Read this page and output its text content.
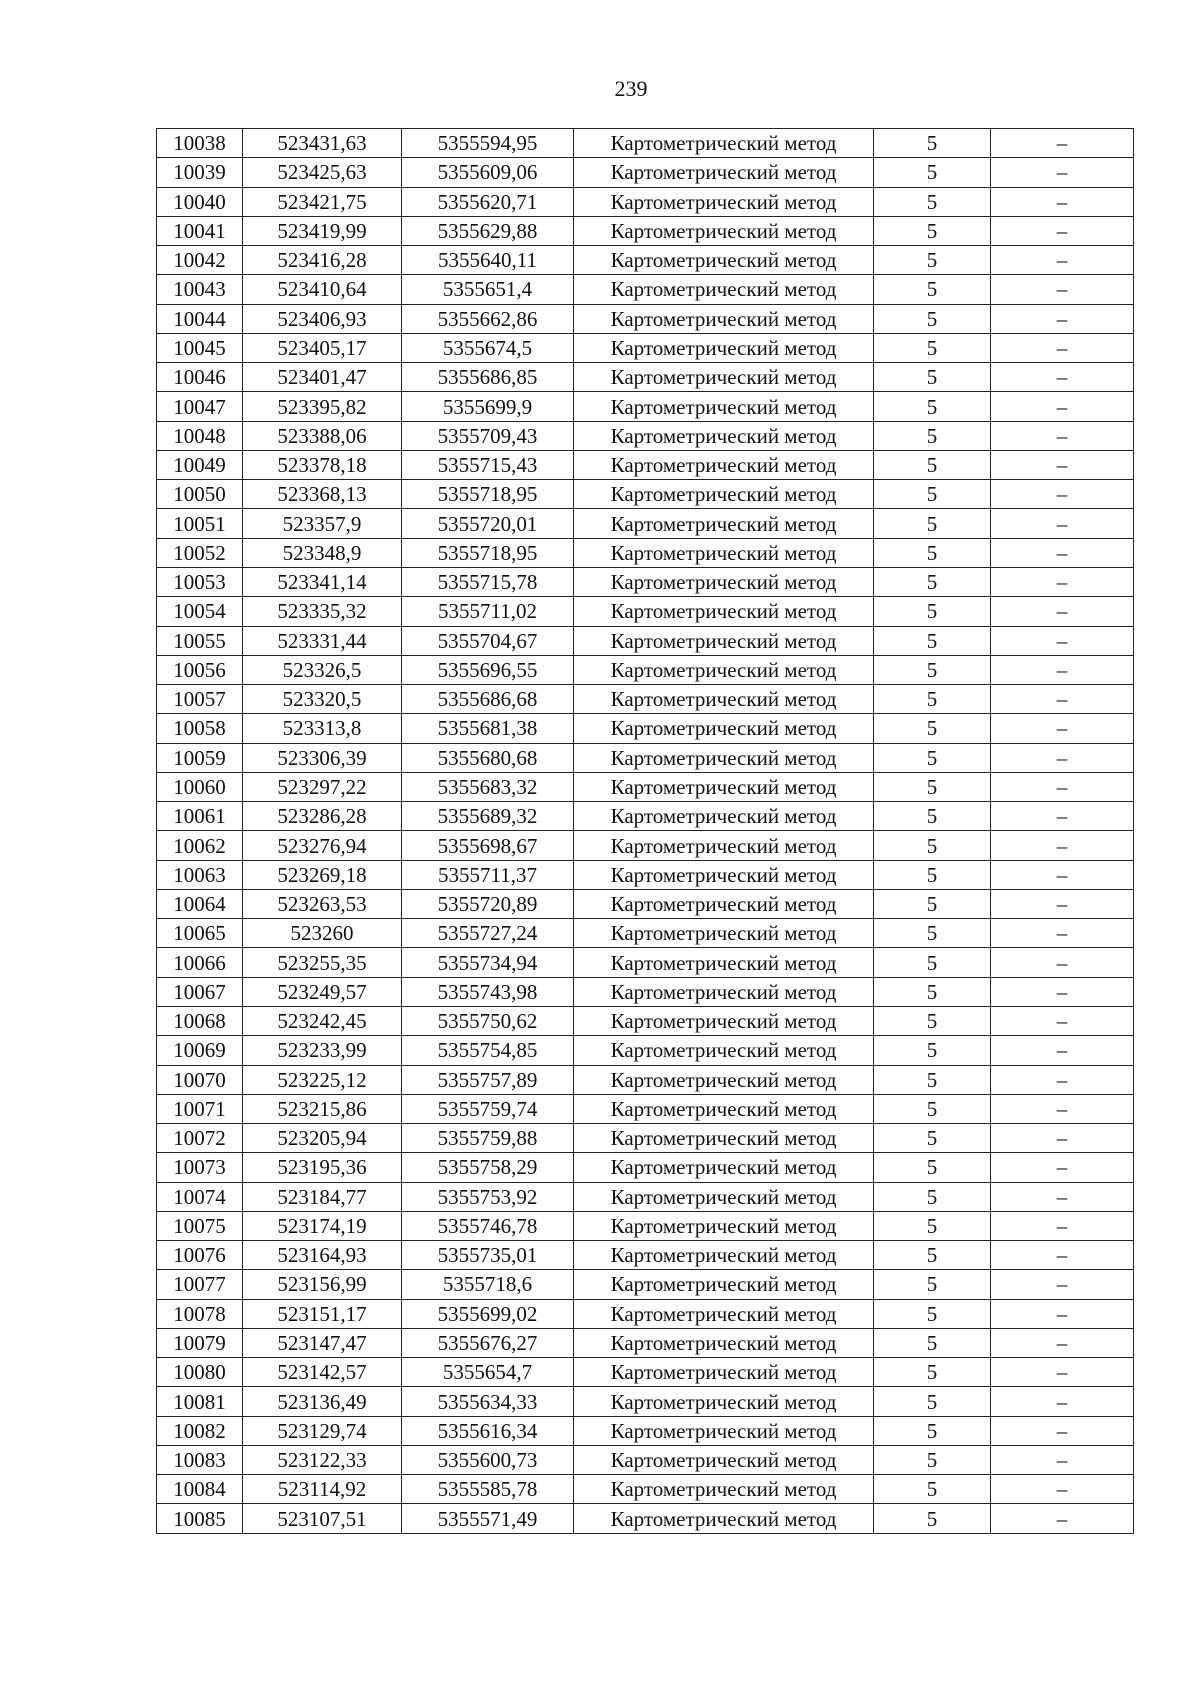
239
10038	523431,63	5355594,95	Картометрический метод	5	–
10039	523425,63	5355609,06	Картометрический метод	5	–
10040	523421,75	5355620,71	Картометрический метод	5	–
10041	523419,99	5355629,88	Картометрический метод	5	–
10042	523416,28	5355640,11	Картометрический метод	5	–
10043	523410,64	5355651,4	Картометрический метод	5	–
10044	523406,93	5355662,86	Картометрический метод	5	–
10045	523405,17	5355674,5	Картометрический метод	5	–
10046	523401,47	5355686,85	Картометрический метод	5	–
10047	523395,82	5355699,9	Картометрический метод	5	–
10048	523388,06	5355709,43	Картометрический метод	5	–
10049	523378,18	5355715,43	Картометрический метод	5	–
10050	523368,13	5355718,95	Картометрический метод	5	–
10051	523357,9	5355720,01	Картометрический метод	5	–
10052	523348,9	5355718,95	Картометрический метод	5	–
10053	523341,14	5355715,78	Картометрический метод	5	–
10054	523335,32	5355711,02	Картометрический метод	5	–
10055	523331,44	5355704,67	Картометрический метод	5	–
10056	523326,5	5355696,55	Картометрический метод	5	–
10057	523320,5	5355686,68	Картометрический метод	5	–
10058	523313,8	5355681,38	Картометрический метод	5	–
10059	523306,39	5355680,68	Картометрический метод	5	–
10060	523297,22	5355683,32	Картометрический метод	5	–
10061	523286,28	5355689,32	Картометрический метод	5	–
10062	523276,94	5355698,67	Картометрический метод	5	–
10063	523269,18	5355711,37	Картометрический метод	5	–
10064	523263,53	5355720,89	Картометрический метод	5	–
10065	523260	5355727,24	Картометрический метод	5	–
10066	523255,35	5355734,94	Картометрический метод	5	–
10067	523249,57	5355743,98	Картометрический метод	5	–
10068	523242,45	5355750,62	Картометрический метод	5	–
10069	523233,99	5355754,85	Картометрический метод	5	–
10070	523225,12	5355757,89	Картометрический метод	5	–
10071	523215,86	5355759,74	Картометрический метод	5	–
10072	523205,94	5355759,88	Картометрический метод	5	–
10073	523195,36	5355758,29	Картометрический метод	5	–
10074	523184,77	5355753,92	Картометрический метод	5	–
10075	523174,19	5355746,78	Картометрический метод	5	–
10076	523164,93	5355735,01	Картометрический метод	5	–
10077	523156,99	5355718,6	Картометрический метод	5	–
10078	523151,17	5355699,02	Картометрический метод	5	–
10079	523147,47	5355676,27	Картометрический метод	5	–
10080	523142,57	5355654,7	Картометрический метод	5	–
10081	523136,49	5355634,33	Картометрический метод	5	–
10082	523129,74	5355616,34	Картометрический метод	5	–
10083	523122,33	5355600,73	Картометрический метод	5	–
10084	523114,92	5355585,78	Картометрический метод	5	–
10085	523107,51	5355571,49	Картометрический метод	5	–
